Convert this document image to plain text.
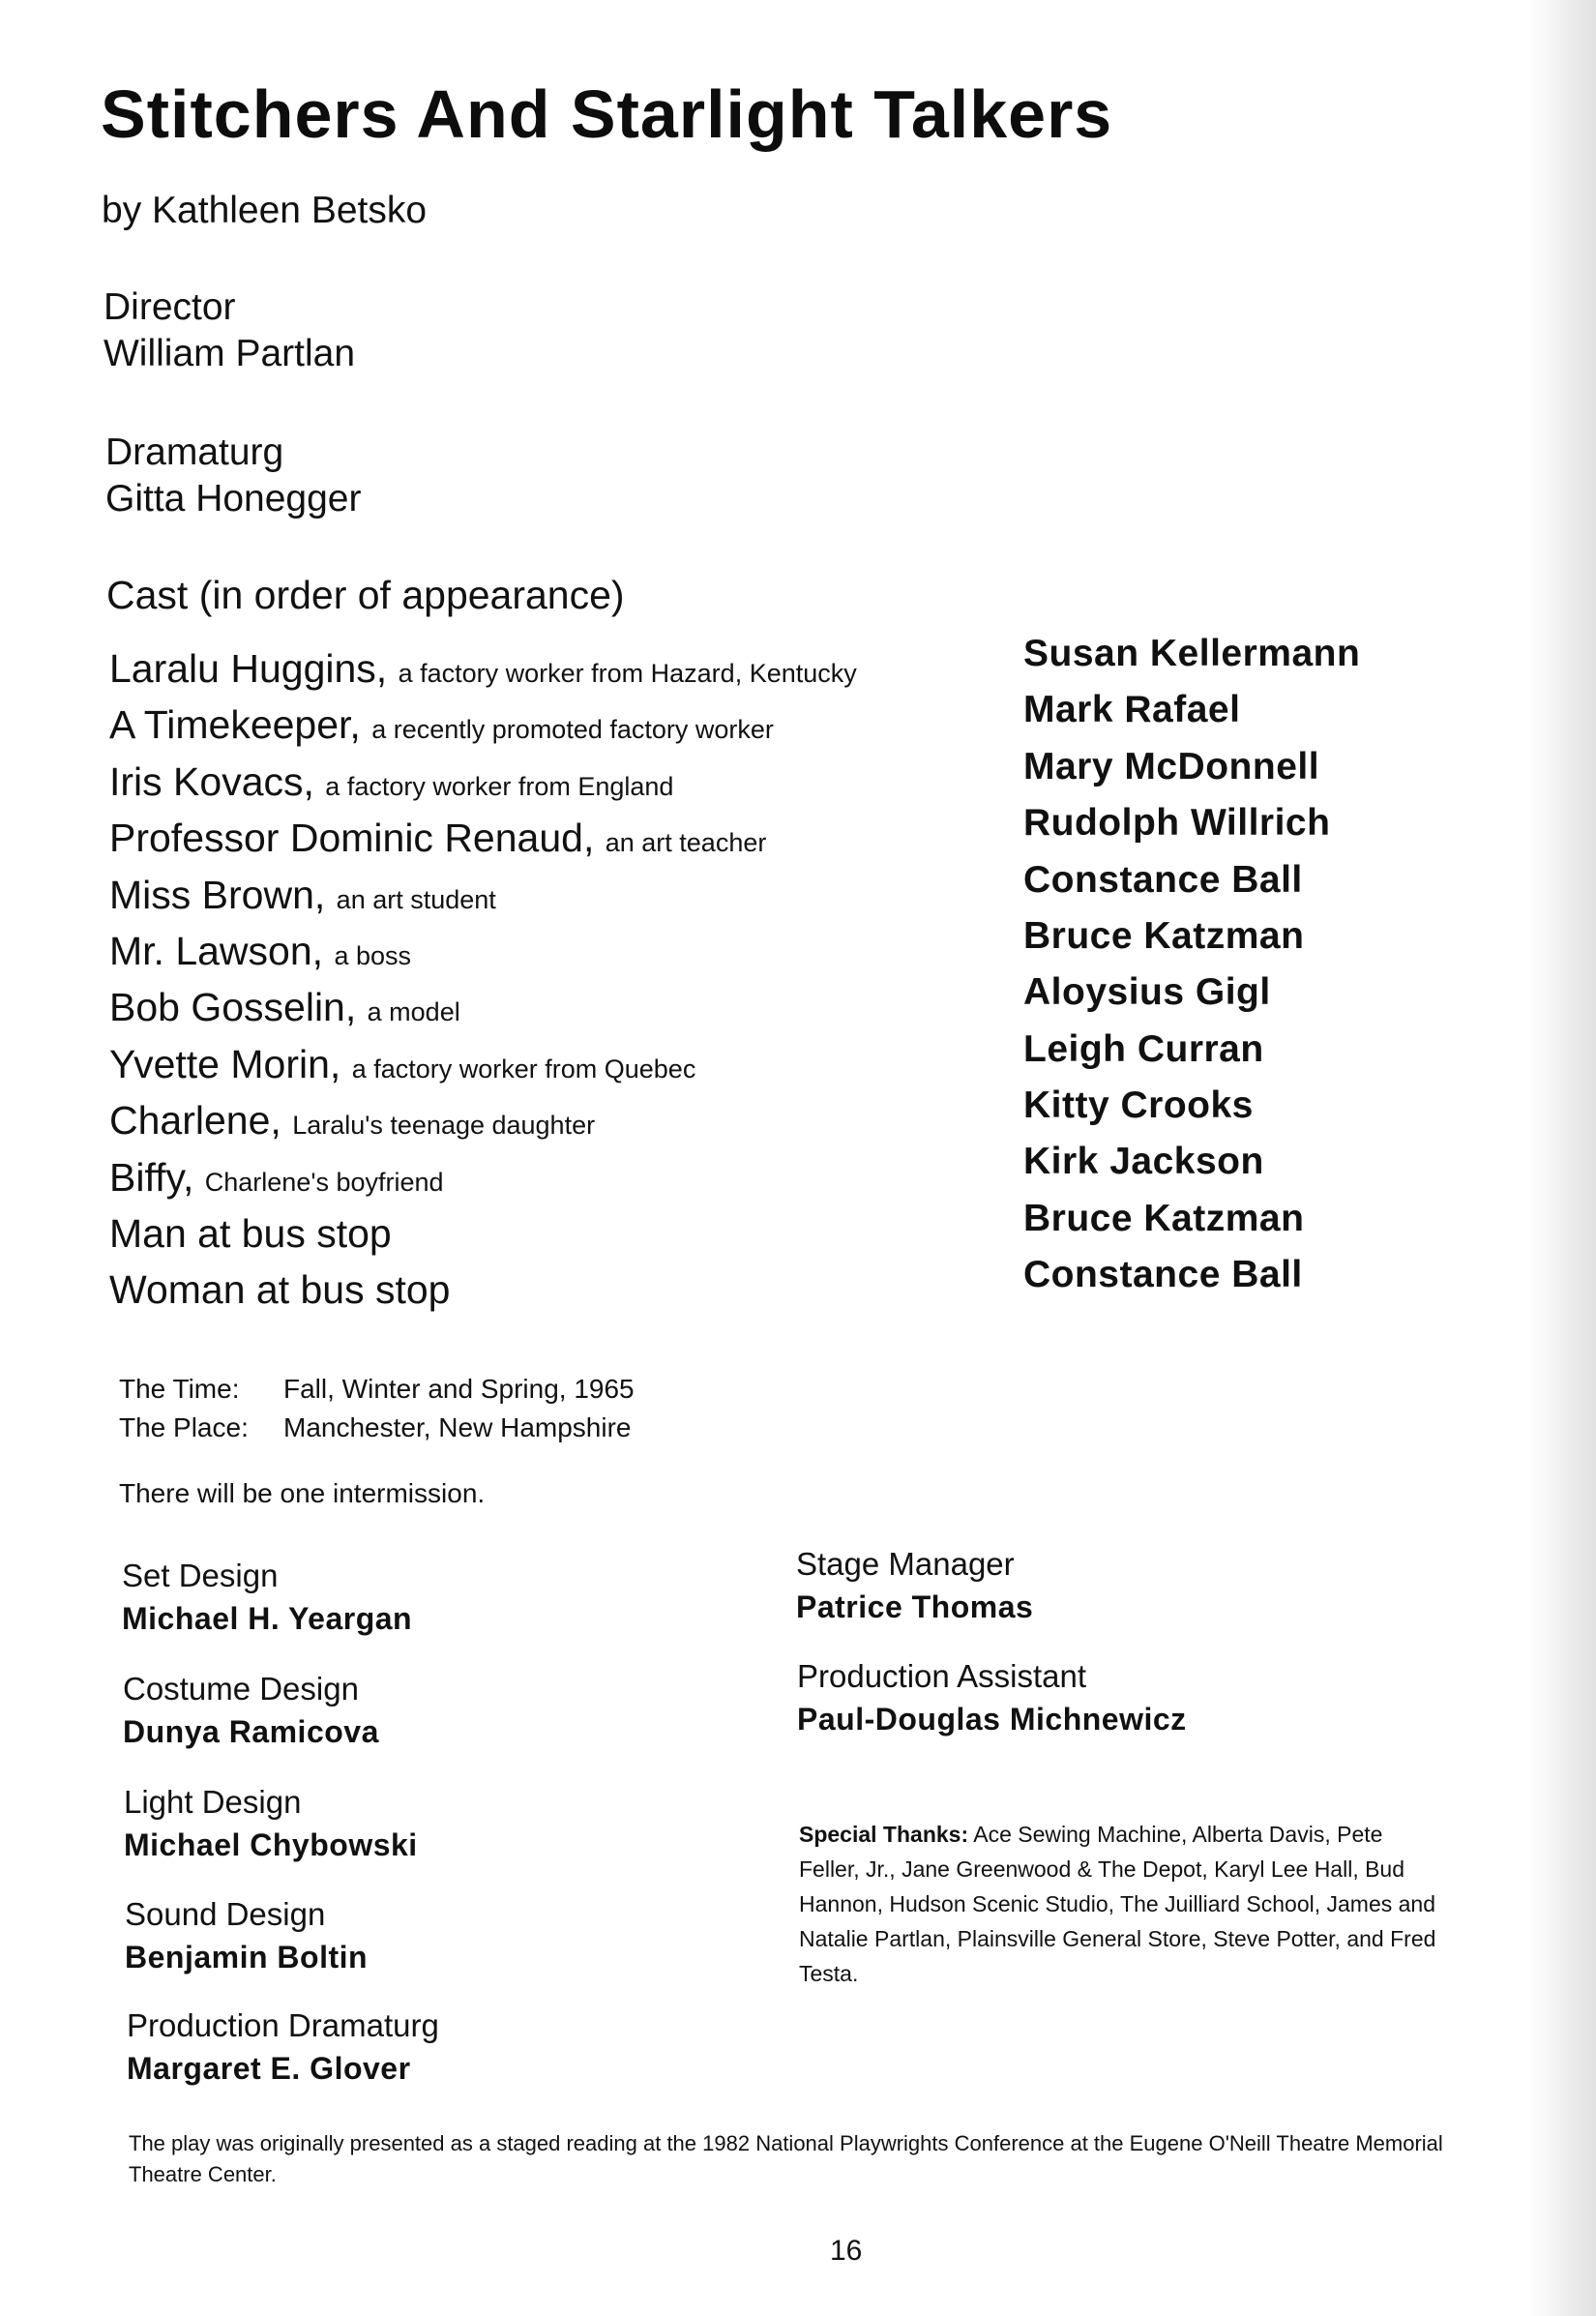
Stitchers And Starlight Talkers
by Kathleen Betsko
Director
William Partlan
Dramaturg
Gitta Honegger
Cast (in order of appearance)
Laralu Huggins, a factory worker from Hazard, Kentucky
A Timekeeper, a recently promoted factory worker
Iris Kovacs, a factory worker from England
Professor Dominic Renaud, an art teacher
Miss Brown, an art student
Mr. Lawson, a boss
Bob Gosselin, a model
Yvette Morin, a factory worker from Quebec
Charlene, Laralu's teenage daughter
Biffy, Charlene's boyfriend
Man at bus stop
Woman at bus stop
Susan Kellermann
Mark Rafael
Mary McDonnell
Rudolph Willrich
Constance Ball
Bruce Katzman
Aloysius Gigl
Leigh Curran
Kitty Crooks
Kirk Jackson
Bruce Katzman
Constance Ball
The Time: Fall, Winter and Spring, 1965
The Place: Manchester, New Hampshire
There will be one intermission.
Set Design
Michael H. Yeargan
Costume Design
Dunya Ramicova
Light Design
Michael Chybowski
Sound Design
Benjamin Boltin
Production Dramaturg
Margaret E. Glover
Stage Manager
Patrice Thomas
Production Assistant
Paul-Douglas Michnewicz
Special Thanks: Ace Sewing Machine, Alberta Davis, Pete Feller, Jr., Jane Greenwood & The Depot, Karyl Lee Hall, Bud Hannon, Hudson Scenic Studio, The Juilliard School, James and Natalie Partlan, Plainsville General Store, Steve Potter, and Fred Testa.
The play was originally presented as a staged reading at the 1982 National Playwrights Conference at the Eugene O'Neill Theatre Memorial Theatre Center.
16
